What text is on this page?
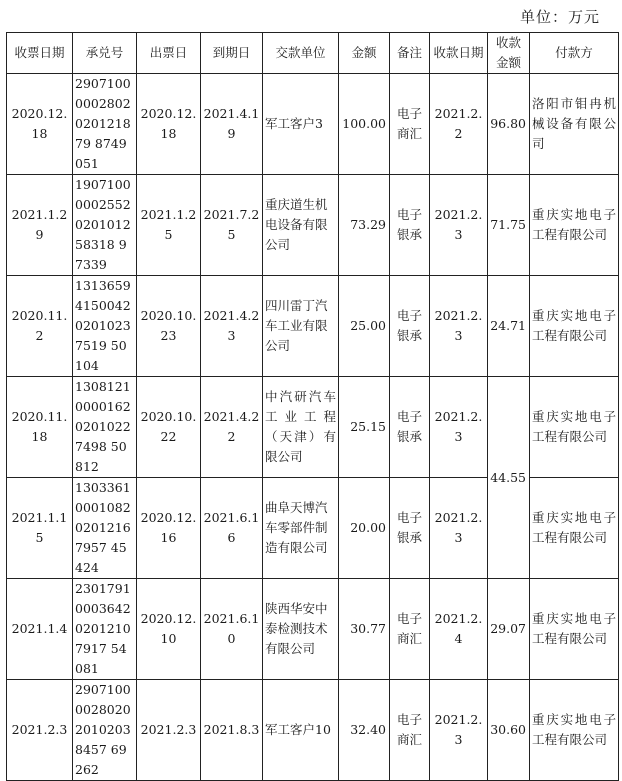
单位：万元
收票日期	承兑号	出票日	到期日	交款单位	金额	备注	收款日期	收款金额	付款方
2020.12.18	29071000002802020121879 8749051	2020.12.18	2021.4.19	军工客户3	100.00	电子商汇	2021.2.2	96.80	洛阳市钼冉机械设备有限公司
2021.1.29	19071000002552020101258318 97339	2021.1.25	2021.7.25	重庆道生机电设备有限公司	73.29	电子银承	2021.2.3	71.75	重庆实地电子工程有限公司
2020.11.2	1313659415004202010237519 50104	2020.10.23	2021.4.23	四川雷丁汽车工业有限公司	25.00	电子银承	2021.2.3	24.71	重庆实地电子工程有限公司
2020.11.18	1308121000016202010227498 50812	2020.10.22	2021.4.22	中汽研汽车工业工程（天津）有限公司	25.15	电子银承	2021.2.3	44.55	重庆实地电子工程有限公司
2021.1.15	1303361000108202012167957 45424	2020.12.16	2021.6.16	曲阜天博汽车零部件制造有限公司	20.00	电子银承	2021.2.3		重庆实地电子工程有限公司
2021.1.4	2301791000364202012107917 54081	2020.12.10	2021.6.10	陕西华安中泰检测技术有限公司	30.77	电子商汇	2021.2.4	29.07	重庆实地电子工程有限公司
2021.2.3	2907100002802020102038457 69262	2021.2.3	2021.8.3	军工客户10	32.40	电子商汇	2021.2.3	30.60	重庆实地电子工程有限公司
